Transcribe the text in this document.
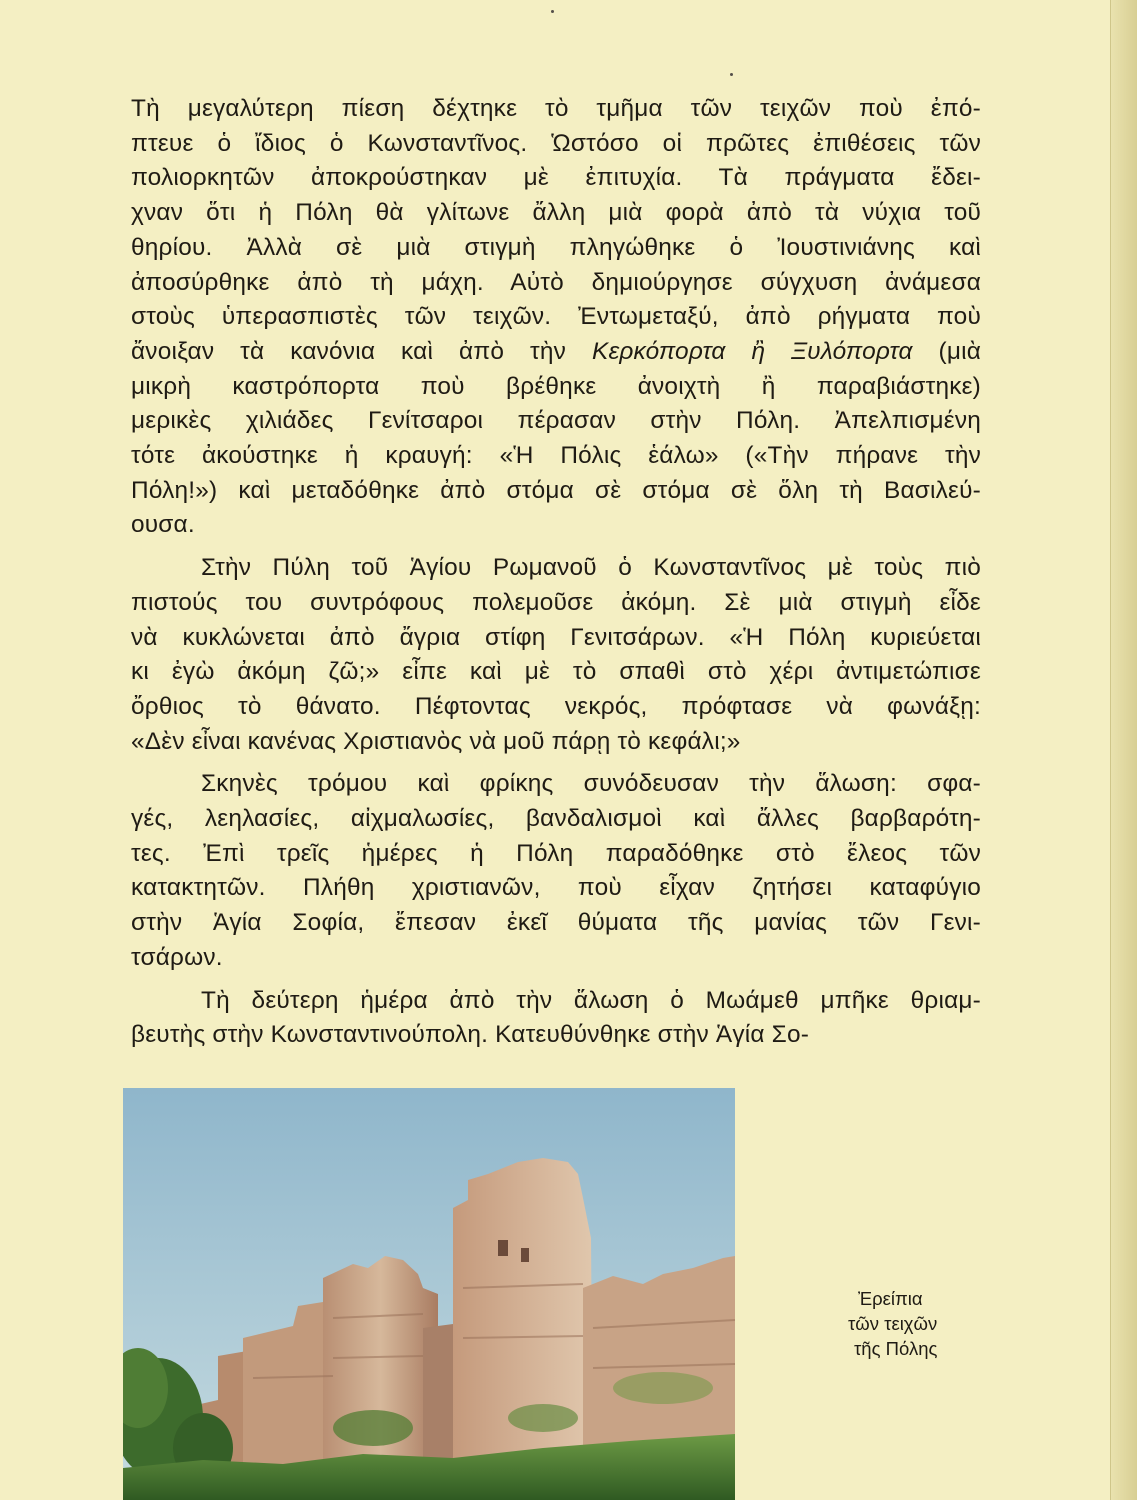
Τὴ μεγαλύτερη πίεση δέχτηκε τὸ τμῆμα τῶν τειχῶν ποὺ ἐπό-
πτευε ὁ ἴδιος ὁ Κωνσταντῖνος. Ὡστόσο οἱ πρῶτες ἐπιθέσεις τῶν
πολιορκητῶν ἀποκρούστηκαν μὲ ἐπιτυχία. Τὰ πράγματα ἔδει-
χναν ὅτι ἡ Πόλη θὰ γλίτωνε ἄλλη μιὰ φορὰ ἀπὸ τὰ νύχια τοῦ
θηρίου. Ἀλλὰ σὲ μιὰ στιγμὴ πληγώθηκε ὁ Ἰουστινιάνης καὶ
ἀποσύρθηκε ἀπὸ τὴ μάχη. Αὐτὸ δημιούργησε σύγχυση ἀνάμεσα
στοὺς ὑπερασπιστὲς τῶν τειχῶν. Ἐντωμεταξύ, ἀπὸ ρήγματα ποὺ
ἄνοιξαν τὰ κανόνια καὶ ἀπὸ τὴν Κερκόπορτα ἢ Ξυλόπορτα (μιὰ
μικρὴ καστρόπορτα ποὺ βρέθηκε ἀνοιχτὴ ἢ παραβιάστηκε)
μερικὲς χιλιάδες Γενίτσαροι πέρασαν στὴν Πόλη. Ἀπελπισμένη
τότε ἀκούστηκε ἡ κραυγή: «Ἡ Πόλις ἑάλω» («Τὴν πήρανε τὴν
Πόλη!») καὶ μεταδόθηκε ἀπὸ στόμα σὲ στόμα σὲ ὅλη τὴ Βασιλεύ-
ουσα.
Στὴν Πύλη τοῦ Ἁγίου Ρωμανοῦ ὁ Κωνσταντῖνος μὲ τοὺς πιὸ
πιστούς του συντρόφους πολεμοῦσε ἀκόμη. Σὲ μιὰ στιγμὴ εἶδε
νὰ κυκλώνεται ἀπὸ ἄγρια στίφη Γενιτσάρων. «Ἡ Πόλη κυριεύεται
κι ἐγὼ ἀκόμη ζῶ;» εἶπε καὶ μὲ τὸ σπαθὶ στὸ χέρι ἀντιμετώπισε
ὄρθιος τὸ θάνατο. Πέφτοντας νεκρός, πρόφτασε νὰ φωνάξῃ:
«Δὲν εἶναι κανένας Χριστιανὸς νὰ μοῦ πάρῃ τὸ κεφάλι;»
Σκηνὲς τρόμου καὶ φρίκης συνόδευσαν τὴν ἅλωση: σφα-
γές, λεηλασίες, αἰχμαλωσίες, βανδαλισμοὶ καὶ ἄλλες βαρβαρότη-
τες. Ἐπὶ τρεῖς ἡμέρες ἡ Πόλη παραδόθηκε στὸ ἔλεος τῶν
κατακτητῶν. Πλήθη χριστιανῶν, ποὺ εἶχαν ζητήσει καταφύγιο
στὴν Ἁγία Σοφία, ἔπεσαν ἐκεῖ θύματα τῆς μανίας τῶν Γενι-
τσάρων.
Τὴ δεύτερη ἡμέρα ἀπὸ τὴν ἅλωση ὁ Μωάμεθ μπῆκε θριαμ-
βευτὴς στὴν Κωνσταντινούπολη. Κατευθύνθηκε στὴν Ἁγία Σο-
Ἐρείπια
τῶν τειχῶν
τῆς Πόλης
